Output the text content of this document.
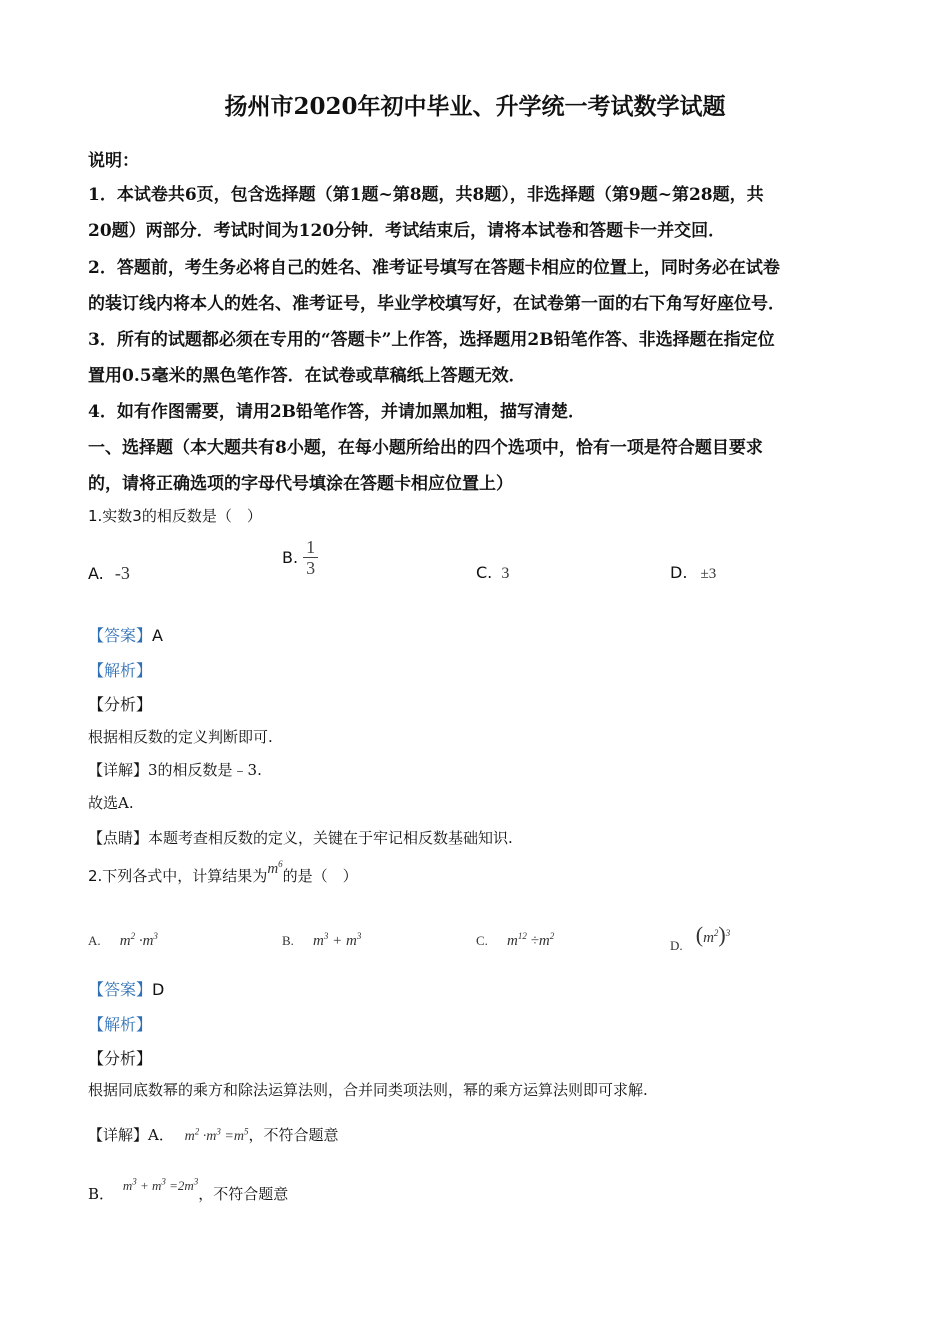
扬州市2020年初中毕业、升学统一考试数学试题
说明：
1．本试卷共6页，包含选择题（第1题~第8题，共8题），非选择题（第9题~第28题，共
20题）两部分．考试时间为120分钟．考试结束后，请将本试卷和答题卡一并交回．
2．答题前，考生务必将自己的姓名、准考证号填写在答题卡相应的位置上，同时务必在试卷
的装订线内将本人的姓名、准考证号，毕业学校填写好，在试卷第一面的右下角写好座位号．
3．所有的试题都必须在专用的“答题卡”上作答，选择题用2B铅笔作答、非选择题在指定位
置用0.5毫米的黑色笔作答．在试卷或草稿纸上答题无效．
4．如有作图需要，请用2B铅笔作答，并请加黑加粗，描写清楚．
一、选择题（本大题共有8小题，在每小题所给出的四个选项中，恰有一项是符合题目要求
的，请将正确选项的字母代号填涂在答题卡相应位置上）
1.实数3的相反数是（　）
A. -3
B. $\frac{1}{3}$	C. 3	D. ±3
【答案】A
【解析】
【分析】
根据相反数的定义判断即可.
【详解】3的相反数是﹣3.
故选A.
【点睛】本题考查相反数的定义，关键在于牢记相反数基础知识.
2.下列各式中，计算结果为$m^6$的是（　）
A. $m^2 \cdot m^3$	B. $m^3 + m^3$	C. $m^{12} \div m^2$
$_{D.}$ $(m^2)^3$
【答案】D
【解析】
【分析】
根据同底数幂的乘方和除法运算法则，合并同类项法则，幂的乘方运算法则即可求解.
【详解】A． $m^2 \cdot m^3 =m^5$，不符合题意
B． $m^3 + m^3 =2m^3$，不符合题意
